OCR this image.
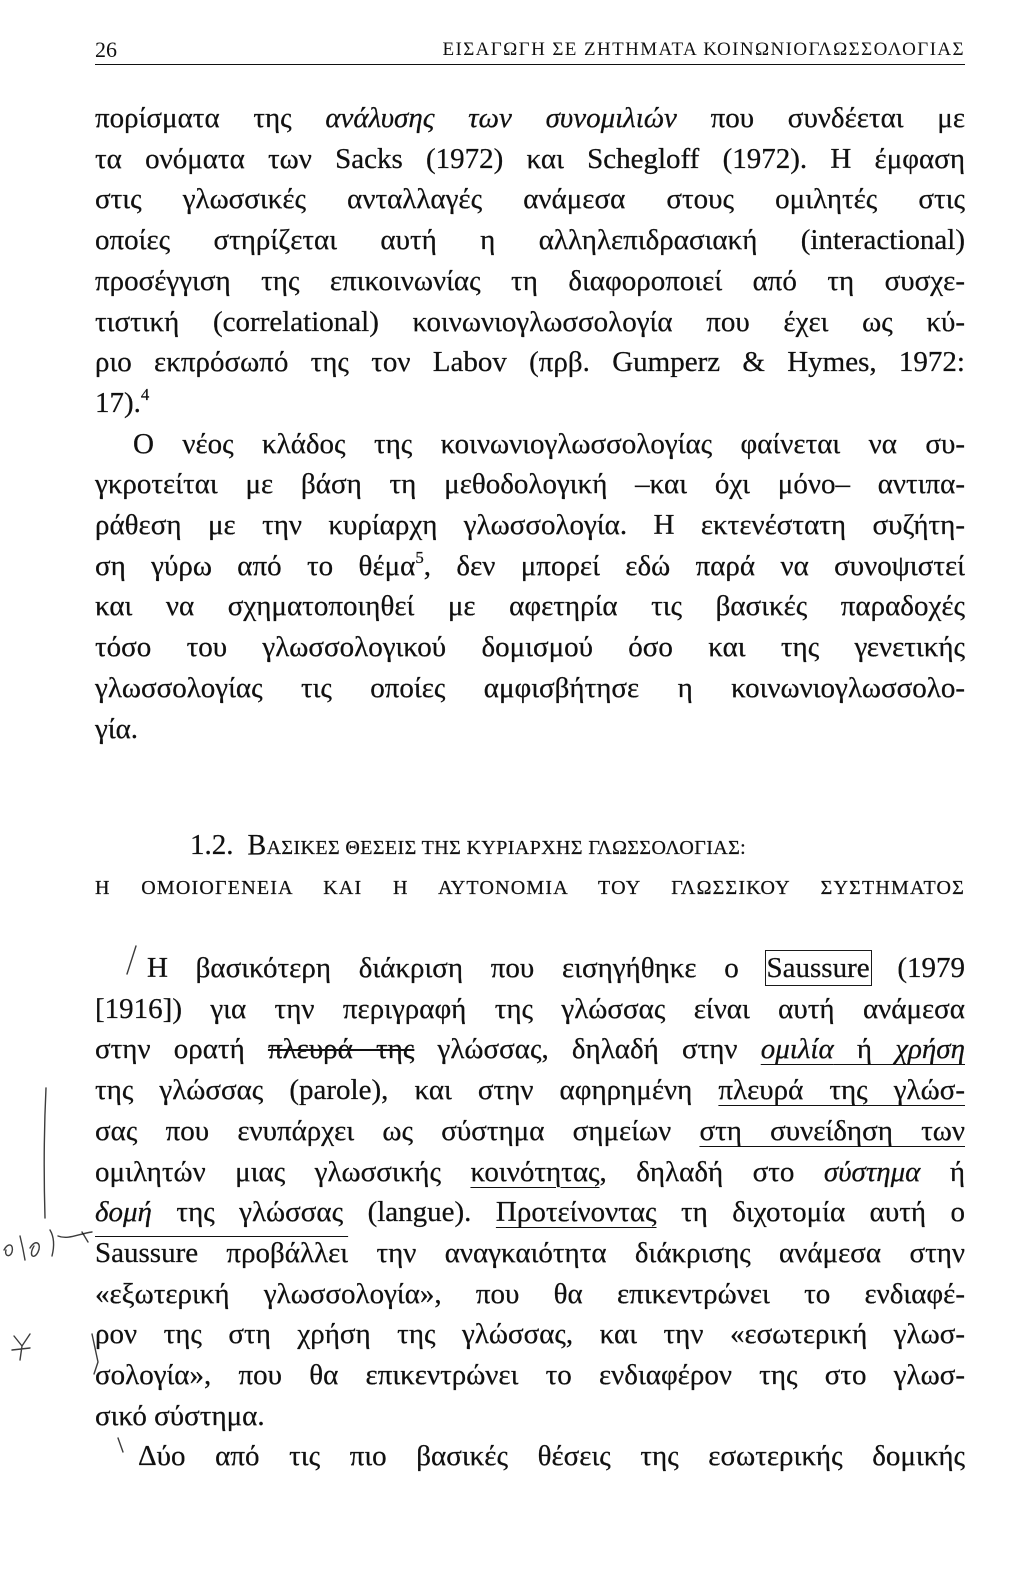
26	ΕΙΣΑΓΩΓΗ ΣΕ ΖΗΤΗΜΑΤΑ ΚΟΙΝΩΝΙΟΓΛΩΣΣΟΛΟΓΙΑΣ
πορίσματα της ανάλυσης των συνομιλιών που συνδέεται με
τα ονόματα των Sacks (1972) και Schegloff (1972). Η έμφαση
στις γλωσσικές ανταλλαγές ανάμεσα στους ομιλητές στις
οποίες στηρίζεται αυτή η αλληλεπιδρασιακή (interactional)
προσέγγιση της επικοινωνίας τη διαφοροποιεί από τη συσχε-
τιστική (correlational) κοινωνιογλωσσολογία που έχει ως κύ-
ριο εκπρόσωπό της τον Labov (πρβ. Gumperz & Hymes, 1972:
17).$^4$
Ο νέος κλάδος της κοινωνιογλωσσολογίας φαίνεται να συ-
γκροτείται με βάση τη μεθοδολογική –και όχι μόνο– αντιπα-
ράθεση με την κυρίαρχη γλωσσολογία. Η εκτενέστατη συζήτη-
ση γύρω από το θέμα$^5$, δεν μπορεί εδώ παρά να συνοψιστεί
και να σχηματοποιηθεί με αφετηρία τις βασικές παραδοχές
τόσο του γλωσσολογικού δομισμού όσο και της γενετικής
γλωσσολογίας τις οποίες αμφισβήτησε η κοινωνιογλωσσολο-
γία.
1.2. ΒΑΣΙΚΕΣ ΘΕΣΕΙΣ ΤΗΣ ΚΥΡΙΑΡΧΗΣ ΓΛΩΣΣΟΛΟΓΙΑΣ:
Η ΟΜΟΙΟΓΕΝΕΙΑ ΚΑΙ Η ΑΥΤΟΝΟΜΙΑ ΤΟΥ ΓΛΩΣΣΙΚΟΥ ΣΥΣΤΗΜΑΤΟΣ
Η βασικότερη διάκριση που εισηγήθηκε ο Saussure (1979
[1916]) για την περιγραφή της γλώσσας είναι αυτή ανάμεσα
στην ορατή πλευρά της γλώσσας, δηλαδή στην ομιλία ή χρήση
της γλώσσας (parole), και στην αφηρημένη πλευρά της γλώσ-
σας που ενυπάρχει ως σύστημα σημείων στη συνείδηση των
ομιλητών μιας γλωσσικής κοινότητας, δηλαδή στο σύστημα ή
δομή της γλώσσας (langue). Προτείνοντας τη διχοτομία αυτή ο
Saussure προβάλλει την αναγκαιότητα διάκρισης ανάμεσα στην
«εξωτερική γλωσσολογία», που θα επικεντρώνει το ενδιαφέ-
ρον της στη χρήση της γλώσσας, και την «εσωτερική γλωσ-
σολογία», που θα επικεντρώνει το ενδιαφέρον της στο γλωσ-
σικό σύστημα.
Δύο από τις πιο βασικές θέσεις της εσωτερικής δομικής
